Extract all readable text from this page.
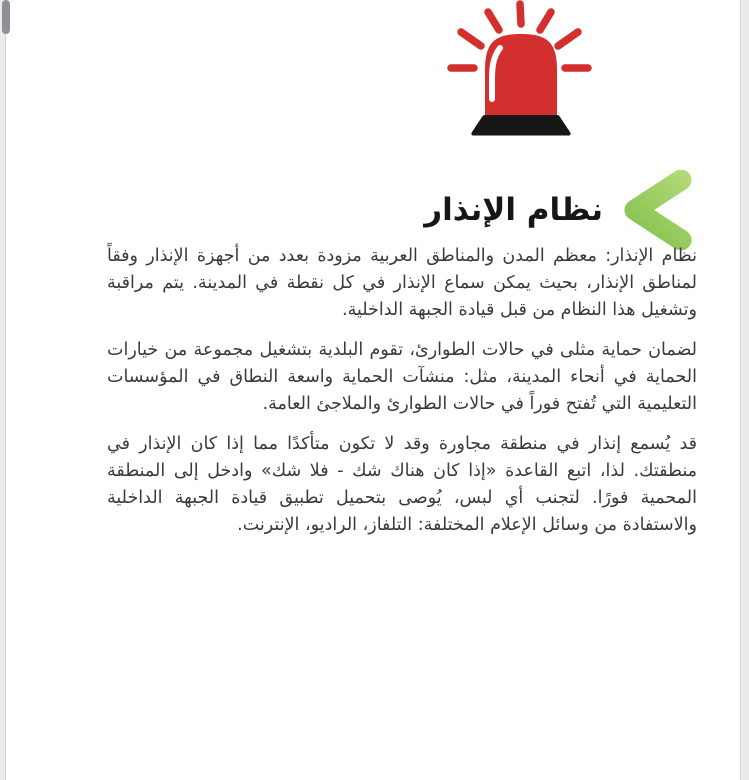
نظام الإنذار

نظام الإنذار: معظم المدن والمناطق العربية مزودة بعدد من أجهزة الإنذار وفقاً لمناطق الإنذار، بحيث يمكن سماع الإنذار في كل نقطة في المدينة. يتم مراقبة وتشغيل هذا النظام من قبل قيادة الجبهة الداخلية.

لضمان حماية مثلى في حالات الطوارئ، تقوم البلدية بتشغيل مجموعة من خيارات الحماية في أنحاء المدينة، مثل: منشآت الحماية واسعة النطاق في المؤسسات التعليمية التي تُفتح فوراً في حالات الطوارئ والملاجئ العامة.

قد يُسمع إنذار في منطقة مجاورة وقد لا تكون متأكدًا مما إذا كان الإنذار في منطقتك. لذا، اتبع القاعدة «إذا كان هناك شك - فلا شك» وادخل إلى المنطقة المحمية فورًا. لتجنب أي لبس، يُوصى بتحميل تطبيق قيادة الجبهة الداخلية والاستفادة من وسائل الإعلام المختلفة: التلفاز، الراديو، الإنترنت.
